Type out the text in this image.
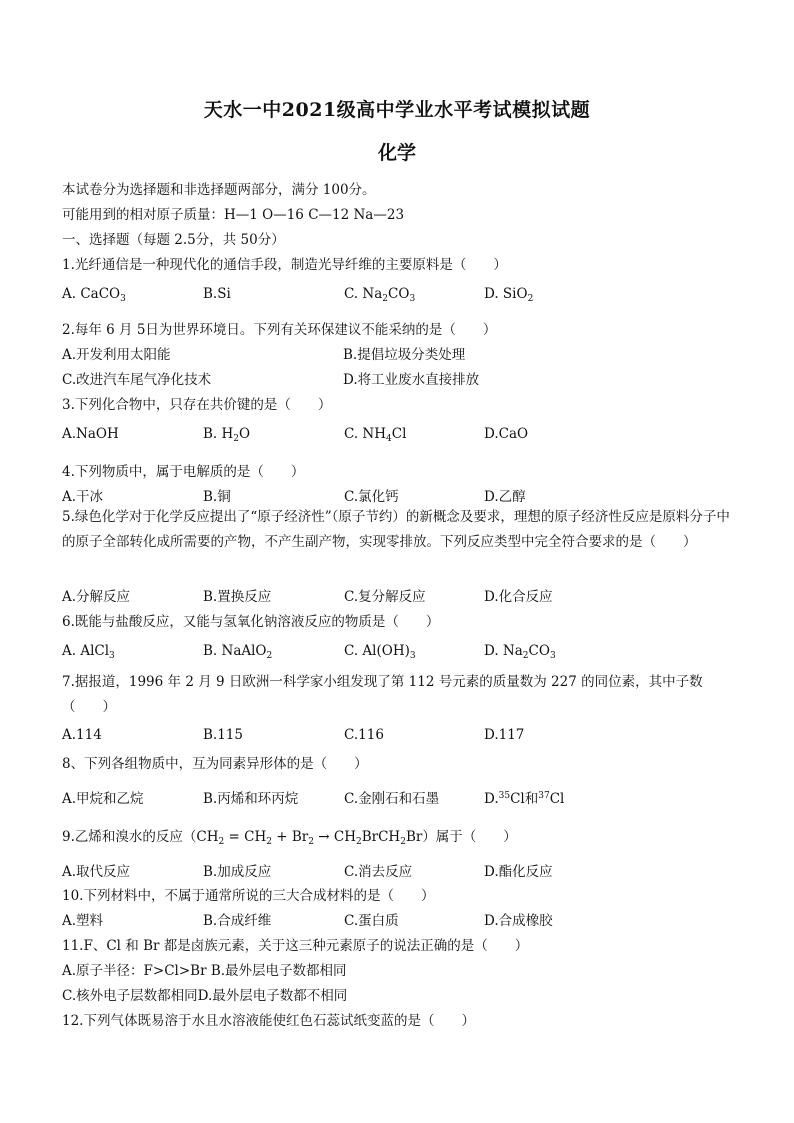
天水一中2021级高中学业水平考试模拟试题
化学
本试卷分为选择题和非选择题两部分，满分 100分。
可能用到的相对原子质量：H—1 O—16 C—12 Na—23
一、选择题（每题 2.5分，共 50分）
1.光纤通信是一种现代化的通信手段，制造光导纤维的主要原料是（　　）
A. CaCO$_3$	B.Si	C. $Na_2CO_3$	D. SiO$_2$
2.每年 6 月 5日为世界环境日。下列有关环保建议不能采纳的是（　　）
A.开发利用太阳能	B.提倡垃圾分类处理
C.改进汽车尾气净化技术	D.将工业废水直接排放
3.下列化合物中，只存在共价键的是（　　）
A.NaOH	B. $H_2O$	C. $NH_4Cl$	D.CaO
4.下列物质中，属于电解质的是（　　）
A.干冰	B.铜	C.氯化钙	D.乙醇
5.绿色化学对于化学反应提出了“原子经济性”（原子节约）的新概念及要求，理想的原子经济性反应是原料分子中的原子全部转化成所需要的产物，不产生副产物，实现零排放。下列反应类型中完全符合要求的是（　　）
A.分解反应	B.置换反应	C.复分解反应	D.化合反应
6.既能与盐酸反应，又能与氢氧化钠溶液反应的物质是（　　）
A. AlCl$_3$	B. NaAlO$_2$	C. $Al(OH)_3$	D. $Na_2CO_3$
7.据报道，1996 年 2 月 9 日欧洲一科学家小组发现了第 112 号元素的质量数为 227 的同位素，其中子数（　　）
A.114	B.115	C.116	D.117
8、下列各组物质中，互为同素异形体的是（　　）
A.甲烷和乙烷	B.丙烯和环丙烷	C.金刚石和石墨	D.$^{35}$Cl和$^{37}$Cl
9.乙烯和溴水的反应（$CH_2 = CH_2 + Br_2$ → $CH_2BrCH_2Br$）属于（　　）
A.取代反应	B.加成反应	C.消去反应	D.酯化反应
10.下列材料中，不属于通常所说的三大合成材料的是（　　）
A.塑料	B.合成纤维	C.蛋白质	D.合成橡胶
11.F、Cl 和 Br 都是卤族元素，关于这三种元素原子的说法正确的是（　　）
A.原子半径：F>Cl>Br B.最外层电子数都相同
C.核外电子层数都相同D.最外层电子数都不相同
12.下列气体既易溶于水且水溶液能使红色石蕊试纸变蓝的是（　　）
